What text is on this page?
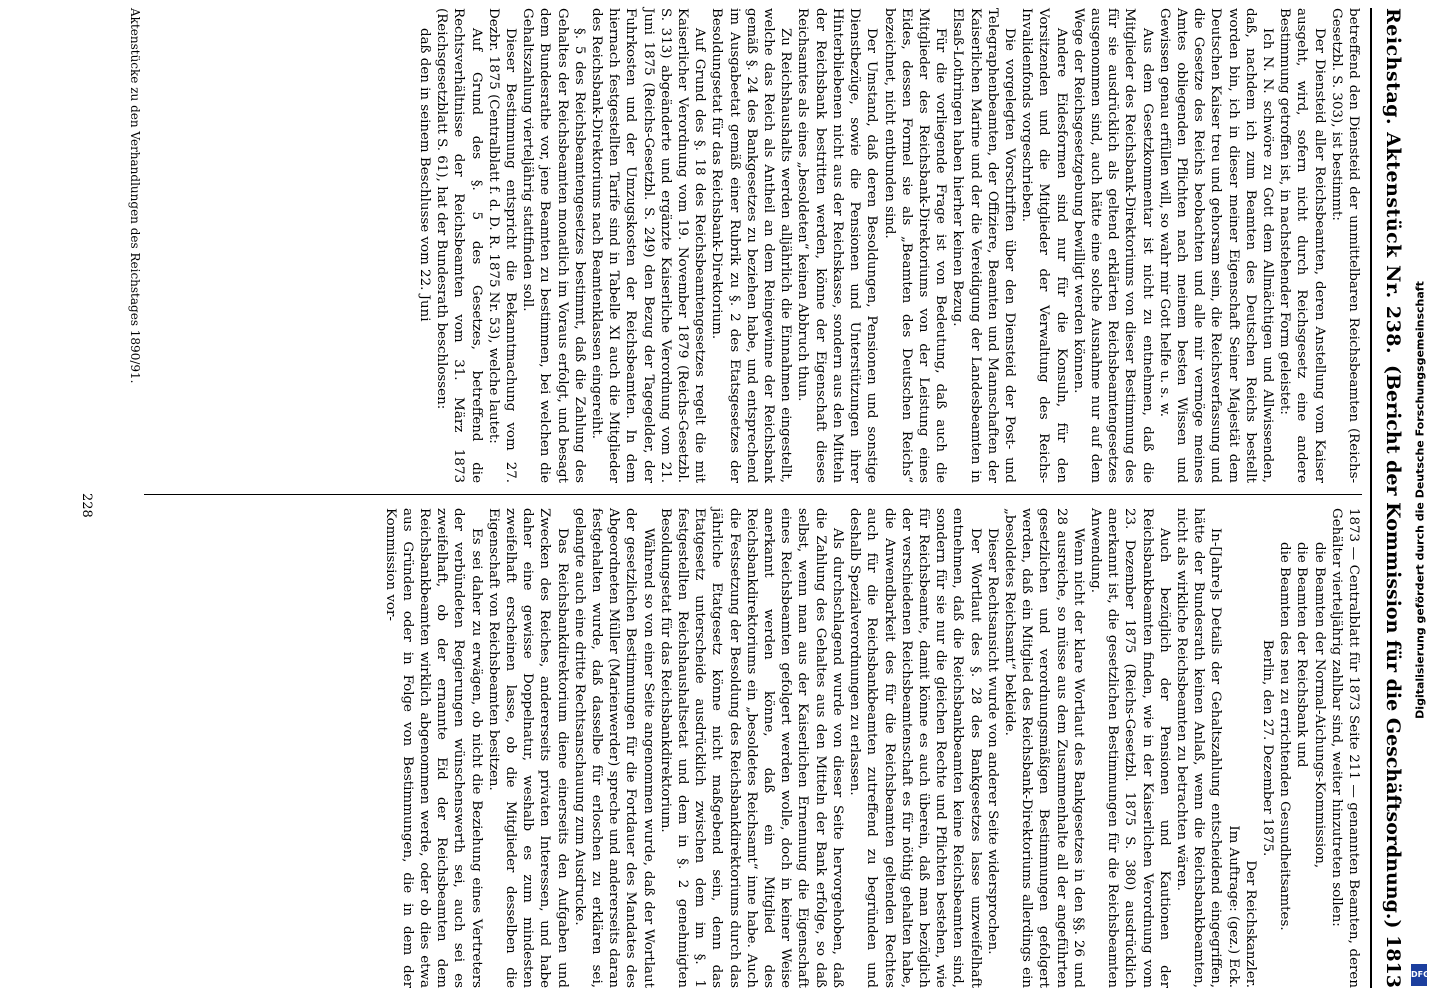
Reichstag. Aktenstück Nr. 238.
(Bericht der Kommission für die Geschäftsordnung.) 1813

betreffend den Diensteid der unmittelbaren Reichsbeamten (Reichs-Gesetzbl. S. 303), ist bestimmt:

Der Diensteid aller Reichsbeamten, deren Anstellung vom Kaiser ausgeht, wird, sofern nicht durch Reichsgesetz eine andere Bestimmung getroffen ist, in nachstehender Form geleistet:

Ich N. N. schwöre zu Gott dem Allmächtigen und Allwissenden, daß, nachdem ich zum Beamten des Deutschen Reichs bestellt worden bin, ich in dieser meiner Eigenschaft Seiner Majestät dem Deutschen Kaiser treu und gehorsam sein, die Reichsverfassung und die Gesetze des Reichs beobachten und alle mir vermöge meines Amtes obliegenden Pflichten nach meinem besten Wissen und Gewissen genau erfüllen will, so wahr mir Gott helfe u. s. w.

Aus dem Gesetzkommentar ist nicht zu entnehmen, daß die Mitglieder des Reichsbank-Direktoriums von dieser Bestimmung des für sie ausdrücklich als geltend erklärten Reichsbeamtengesetzes ausgenommen sind, auch hätte eine solche Ausnahme nur auf dem Wege der Reichsgesetzgebung bewilligt werden können.

Andere Eidesformen sind nur für die Konsuln, für den Vorsitzenden und die Mitglieder der Verwaltung des Reichs-Invalidenfonds vorgeschrieben.

Die vorgelegten Vorschriften über den Diensteid der Post- und Telegraphenbeamten, der Offiziere, Beamten und Mannschaften der Kaiserlichen Marine und der die Vereidigung der Landesbeamten in Elsaß-Lothringen haben hierher keinen Bezug.

Für die vorliegende Frage ist von Bedeutung, daß auch die Mitglieder des Reichsbank-Direktoriums von der Leistung eines Eides, dessen Formel sie als „Beamten des Deutschen Reichs“ bezeichnet, nicht entbunden sind.

Der Umstand, daß deren Besoldungen, Pensionen und sonstige Dienstbezüge, sowie die Pensionen und Unterstützungen ihrer Hinterbliebenen nicht aus der Reichskasse, sondern aus den Mitteln der Reichsbank bestritten werden, könne der Eigenschaft dieses Reichsamtes als eines „besoldeten“ keinen Abbruch thun.

Zu Reichshaushalts werden alljährlich die Einnahmen eingestellt, welche das Reich als Antheil an dem Reingewinne der Reichsbank gemäß §. 24 des Bankgesetzes zu beziehen habe, und entsprechend im Ausgabeetat gemäß einer Rubrik zu §. 2 des Etatsgesetzes der Besoldungsetat für das Reichsbank-Direktorium.

Auf Grund des §. 18 des Reichsbeamtengesetzes regelt die mit Kaiserlicher Verordnung vom 19. November 1879 (Reichs-Gesetzbl. S. 313) abgeänderte und ergänzte Kaiserliche Verordnung vom 21. Juni 1875 (Reichs-Gesetzbl. S. 249) den Bezug der Tagegelder, der Fuhrkosten und der Umzugskosten der Reichsbeamten. In dem hiernach festgestellten Tarife sind in Tabelle XI auch die Mitglieder des Reichsbank-Direktoriums nach Beamtenklassen eingereiht.

§. 5 des Reichsbeamtengesetzes bestimmt, daß die Zahlung des Gehaltes der Reichsbeamten monatlich im Voraus erfolgt, und besagt dem Bundesrathe vor, jene Beamten zu bestimmen, bei welchen die Gehaltszahlung vierteljährig stattfinden soll.

Dieser Bestimmung entspricht die Bekanntmachung vom 27. Dezbr. 1875 (Centralblatt f. d. D. R. 1875 Nr. 53), welche lautet:

Auf Grund des §. 5 des Gesetzes, betreffend die Rechtsverhältnisse der Reichsbeamten vom 31. März 1873 (Reichsgesetzblatt S. 61), hat der Bundesrath beschlossen:

daß den in seinem Beschlusse vom 22. Juni

1873 — Centralblatt für 1873 Seite 211 — genannten Beamten, deren Gehälter vierteljährig zahlbar sind, weiter hinzutreten sollen:

die Beamten der Normal-Aichungs-Kommission,

die Beamten der Reichsbank und

die Beamten des neu zu errichtenden Gesundheitsamtes.

Berlin, den 27. Dezember 1875.

Der Reichskanzler.

Im Auftrage: (gez.) Eck.

In-[Jahre]s Details der Gehaltszahlung entscheidend eingegriffen, hätte der Bundesrath keinen Anlaß, wenn die Reichsbankbeamten, nicht als wirkliche Reichsbeamten zu betrachten wären.

Auch bezüglich der Pensionen und Kautionen der Reichsbankbeamten finden, wie in der Kaiserlichen Verordnung vom 23. Dezember 1875 (Reichs-Gesetzbl. 1875 S. 380) ausdrücklich anerkannt ist, die gesetzlichen Bestimmungen für die Reichsbeamten Anwendung.

Wenn nicht der klare Wortlaut des Bankgesetzes in den §§. 26 und 28 ausreiche, so müsse aus dem Zusammenhalte all der angeführten gesetzlichen und verordnungsmäßigen Bestimmungen gefolgert werden, daß ein Mitglied des Reichsbank-Direktoriums allerdings ein „besoldetes Reichsamt“ bekleide.

Dieser Rechtsansicht wurde von anderer Seite widersprochen.

Der Wortlaut des §. 28 des Bankgesetzes lasse unzweifelhaft entnehmen, daß die Reichsbankbeamten keine Reichsbeamten sind, sondern für sie nur die gleichen Rechte und Pflichten bestehen, wie für Reichsbeamte, damit könne es auch überein, daß man bezüglich der verschiedenen Reichsbeamtenschaft es für nöthig gehalten habe, die Anwendbarkeit des für die Reichsbeamten geltenden Rechtes auch für die Reichsbankbeamten zutreffend zu begründen und deshalb Spezialverordnungen zu erlassen.

Als durchschlagend wurde von dieser Seite hervorgehoben, daß die Zahlung des Gehaltes aus den Mitteln der Bank erfolge, so daß selbst, wenn man aus der Kaiserlichen Ernennung die Eigenschaft eines Reichsbeamten gefolgert werden wolle, doch in keiner Weise anerkannt werden könne, daß ein Mitglied des Reichsbankdirektoriums ein „besoldetes Reichsamt“ inne habe. Auch die Festsetzung der Besoldung des Reichsbankdirektoriums durch das jährliche Etatgesetz könne nicht maßgebend sein, denn das Etatgesetz unterscheide ausdrücklich zwischen dem im §. 1 festgestellten Reichshaushaltsetat und dem in §. 2 genehmigten Besoldungsetat für das Reichsbankdirektorium.

Während so von einer Seite angenommen wurde, daß der Wortlaut der gesetzlichen Bestimmungen für die Fortdauer des Mandates des Abgeordneten Müller (Marienwerder) spreche und andererseits daran festgehalten wurde, daß dasselbe für erloschen zu erklären sei, gelangte auch eine dritte Rechtsanschauung zum Ausdrucke.

Das Reichsbankdirektorium diene einerseits den Aufgaben und Zwecken des Reiches, andererseits privaten Interessen, und habe daher eine gewisse Doppelnatur, weshalb es zum mindesten zweifelhaft erscheinen lasse, ob die Mitglieder desselben die Eigenschaft von Reichsbeamten besitzen.

Es sei daher zu erwägen, ob nicht die Beziehung eines Vertreters der verbündeten Regierungen wünschenswerth sei, auch sei es zweifelhaft, ob der ernannte Eid der Reichsbeamten dem Reichsbankbeamten wirklich abgenommen werde, oder ob dies etwa aus Gründen oder in Folge von Bestimmungen, die in dem der Kommission vor-

Aktenstücke zu den Verhandlungen des Reichstages 1890/91.
228	Digitalisierung gefördert durch die Deutsche Forschungsgemeinschaft
DFG
